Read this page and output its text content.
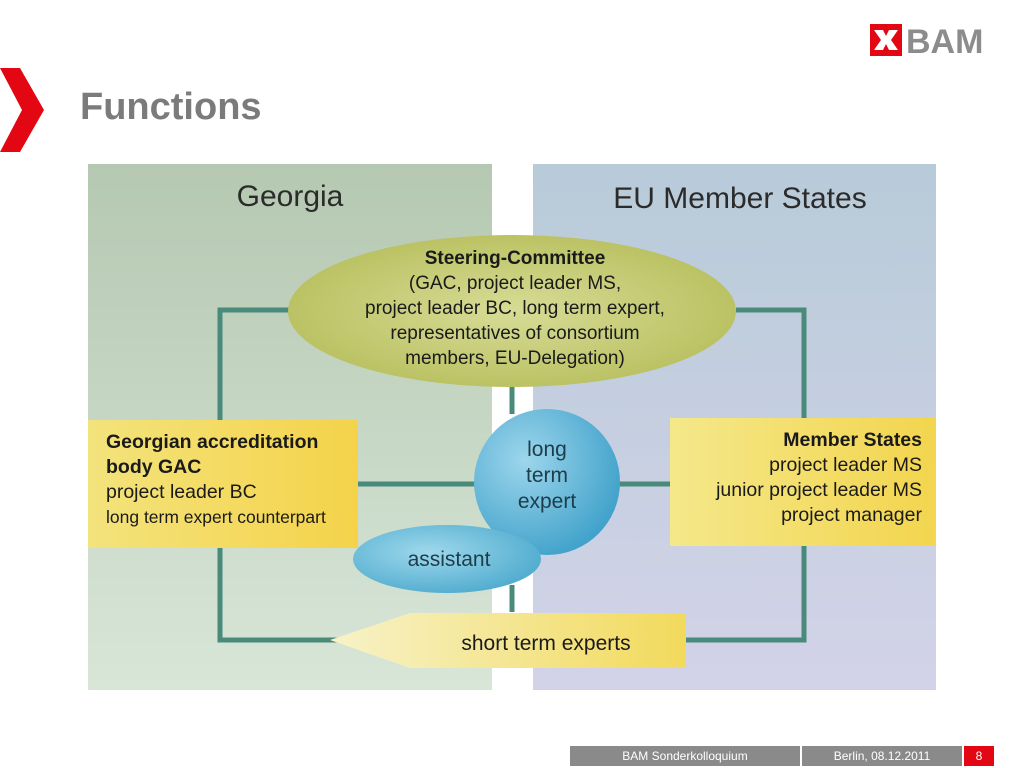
Functions
BAM
Georgia	EU Member States
Steering-Committee
(GAC, project leader MS,
project leader BC, long term expert,
representatives of consortium
members, EU-Delegation)
long
term
expert
assistant
short term experts
Georgian accreditation
body GAC
project leader BC
long term expert counterpart
Member States
project leader MS
junior project leader MS
project manager
BAM Sonderkolloquium	Berlin, 08.12.2011	8
